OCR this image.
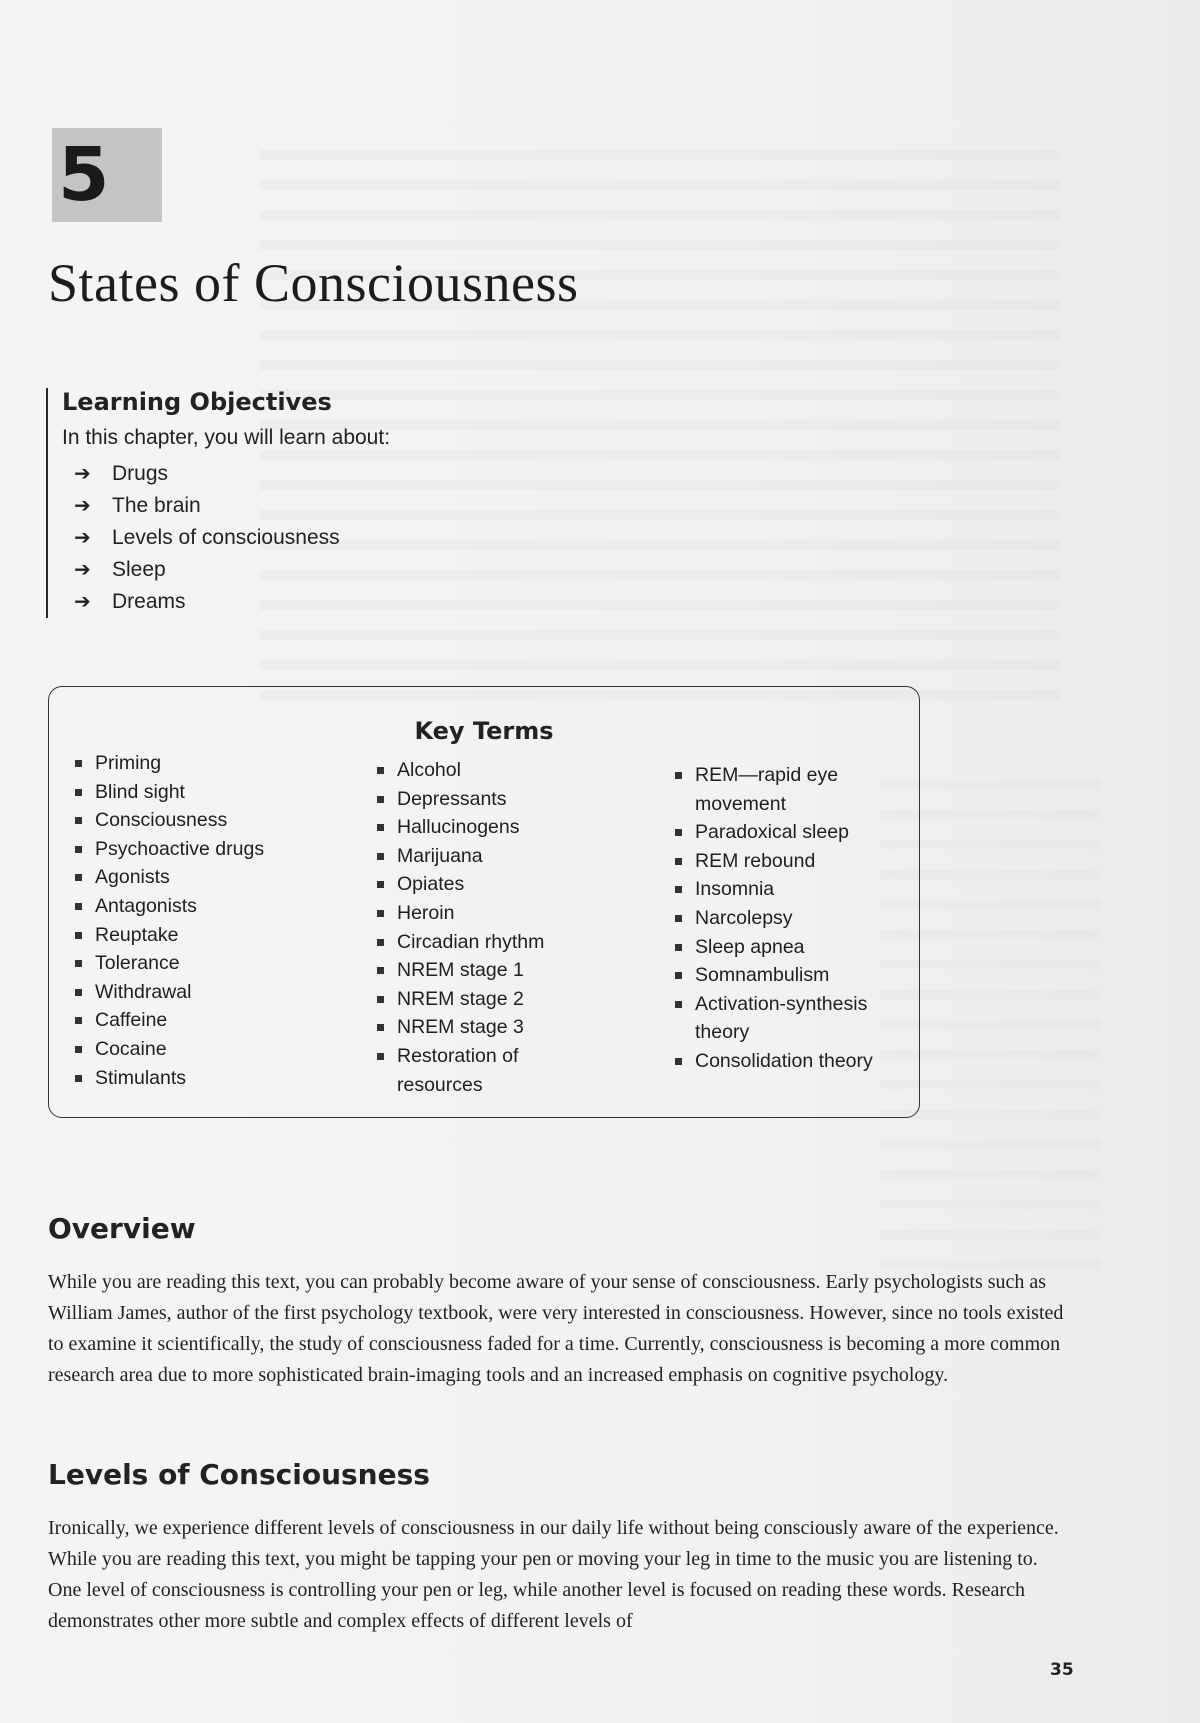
5
States of Consciousness
Learning Objectives

In this chapter, you will learn about:

➔	Drugs
➔	The brain
➔	Levels of consciousness
➔	Sleep
➔	Dreams
Key Terms
Priming
Blind sight
Consciousness
Psychoactive drugs
Agonists
Antagonists
Reuptake
Tolerance
Withdrawal
Caffeine
Cocaine
Stimulants
Alcohol
Depressants
Hallucinogens
Marijuana
Opiates
Heroin
Circadian rhythm
NREM stage 1
NREM stage 2
NREM stage 3
Restoration of
resources
REM—rapid eye
movement
Paradoxical sleep
REM rebound
Insomnia
Narcolepsy
Sleep apnea
Somnambulism
Activation-synthesis
theory
Consolidation theory
Overview

While you are reading this text, you can probably become aware of your sense of consciousness. Early psychologists such as William James, author of the first psychology textbook, were very interested in consciousness. However, since no tools existed to examine it scientifically, the study of consciousness faded for a time. Currently, consciousness is becoming a more common research area due to more sophisticated brain-imaging tools and an increased emphasis on cognitive psychology.

Levels of Consciousness

Ironically, we experience different levels of consciousness in our daily life without being consciously aware of the experience. While you are reading this text, you might be tapping your pen or moving your leg in time to the music you are listening to. One level of consciousness is controlling your pen or leg, while another level is focused on reading these words. Research demonstrates other more subtle and complex effects of different levels of

35
